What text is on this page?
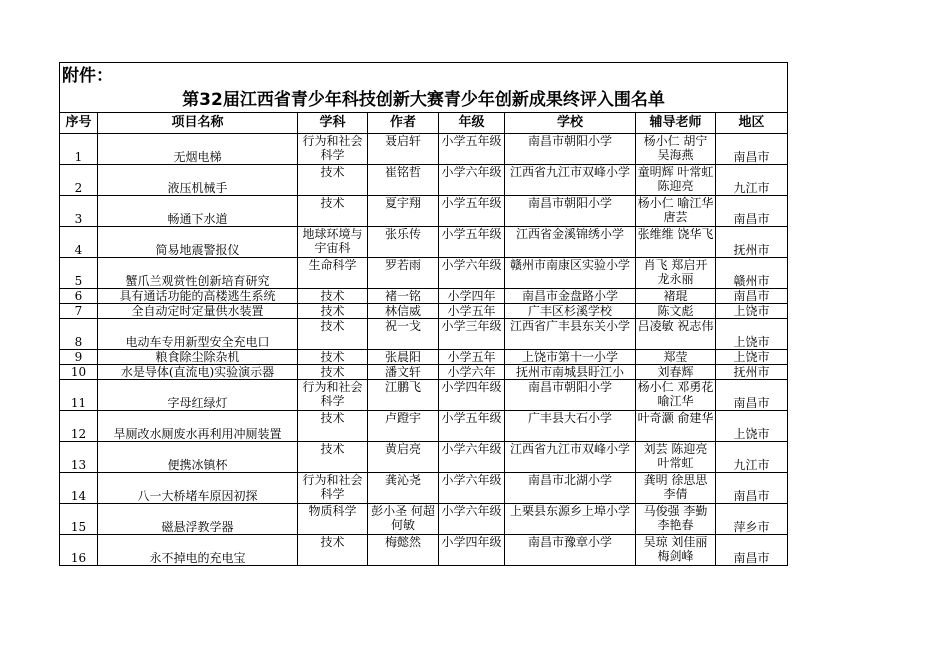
附件：							
第32届江西省青少年科技创新大赛青少年创新成果终评入围名单							
序号	项目名称	学科	作者	年级	学校	辅导老师	地区
1	无烟电梯	行为和社会科学	聂启轩	小学五年级	南昌市朝阳小学	杨小仁 胡宁 吴海燕	南昌市
2	液压机械手	技术	崔铭哲	小学六年级	江西省九江市双峰小学	童明辉 叶常虹 陈迎亮	九江市
3	畅通下水道	技术	夏宇翔	小学五年级	南昌市朝阳小学	杨小仁 喻江华 唐芸	南昌市
4	简易地震警报仪	地球环境与宇宙科	张乐传	小学五年级	江西省金溪锦绣小学	张维维 饶华飞	抚州市
5	蟹爪兰观赏性创新培育研究	生命科学	罗若雨	小学六年级	赣州市南康区实验小学	肖飞 郑启开 龙永丽	赣州市
6	具有通话功能的高楼逃生系统	技术	褚一铭	小学四年	南昌市金盘路小学	褚琨	南昌市
7	全自动定时定量供水装置	技术	林信威	小学五年	广丰区杉溪学校	陈文彪	上饶市
8	电动车专用新型安全充电口	技术	祝一戈	小学三年级	江西省广丰县东关小学	吕凌敏 祝志伟	上饶市
9	粮食除尘除杂机	技术	张晨阳	小学五年	上饶市第十一小学	郑莹	上饶市
10	水是导体(直流电)实验演示器	技术	潘文轩	小学六年	抚州市南城县盱江小	刘春辉	抚州市
11	字母红绿灯	行为和社会科学	江鹏飞	小学四年级	南昌市朝阳小学	杨小仁 邓勇花 喻江华	南昌市
12	旱厕改水厕废水再利用冲厕装置	技术	卢蹬宇	小学五年级	广丰县大石小学	叶奇灏 俞建华	上饶市
13	便携冰镇杯	技术	黄启亮	小学六年级	江西省九江市双峰小学	刘芸 陈迎亮 叶常虹	九江市
14	八一大桥堵车原因初探	行为和社会科学	龚沁尧	小学六年级	南昌市北湖小学	龚明 徐思思 李倩	南昌市
15	磁悬浮教学器	物质科学	彭小圣 何超 何敏	小学六年级	上栗县东源乡上埠小学	马俊强 李勤 李艳春	萍乡市
16	永不掉电的充电宝	技术	梅懿然	小学四年级	南昌市豫章小学	吴琼 刘佳丽 梅剑峰	南昌市
